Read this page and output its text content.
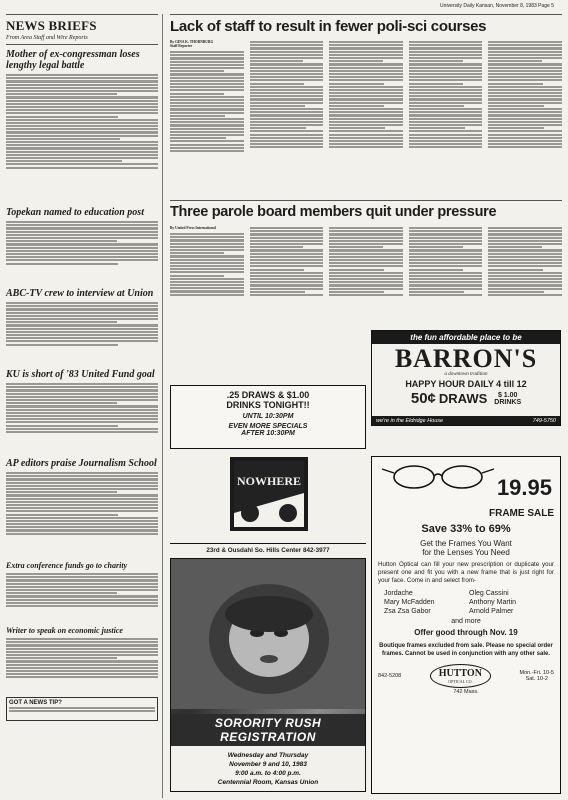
University Daily Kansan, November 8, 1983 Page 5
NEWS BRIEFS
From Area Staff and Wire Reports
Mother of ex-congressman loses lengthy legal battle
Topekan named to education post
ABC-TV crew to interview at Union
KU is short of '83 United Fund goal
AP editors praise Journalism School
Extra conference funds go to charity
Writer to speak on economic justice
GOT A NEWS TIP?
Lack of staff to result in fewer poli-sci courses
By GINA K. THORNBURG
Staff Reporter
Three parole board members quit under pressure
By United Press International
.25 DRAWS & $1.00
DRINKS TONIGHT!!
UNTIL 10:30PM
EVEN MORE SPECIALS
AFTER 10:30PM
NOWHERE
23rd & Ousdahl So. Hills Center 842-3977
SORORITY RUSH
REGISTRATION
Wednesday and Thursday
November 9 and 10, 1983
9:00 a.m. to 4:00 p.m.
Centennial Room, Kansas Union
the fun affordable place to be
BARRON'S
a downtown tradition
HAPPY HOUR DAILY 4 till 12
50¢ DRAWS $ 1.00
DRINKS
we're in the Eldridge House	749-5750
19.95
FRAME SALE
Save 33% to 69%
Get the Frames You Want
for the Lenses You Need
Hutton Optical can fill your new prescription or duplicate your present one and fit you with a new frame that is just right for your face. Come in and select from-
Jordache	Oleg Cassini
Mary McFadden	Anthony Martin
Zsa Zsa Gabor	Arnold Palmer
and more
Offer good through Nov. 19
Boutique frames excluded from sale. Please no special order frames. Cannot be used in conjunction with any other sale.
842-5208	HUTTON
OPTICAL CO.
Mon.-Fri. 10-5
Sat. 10-2
742 Mass.
